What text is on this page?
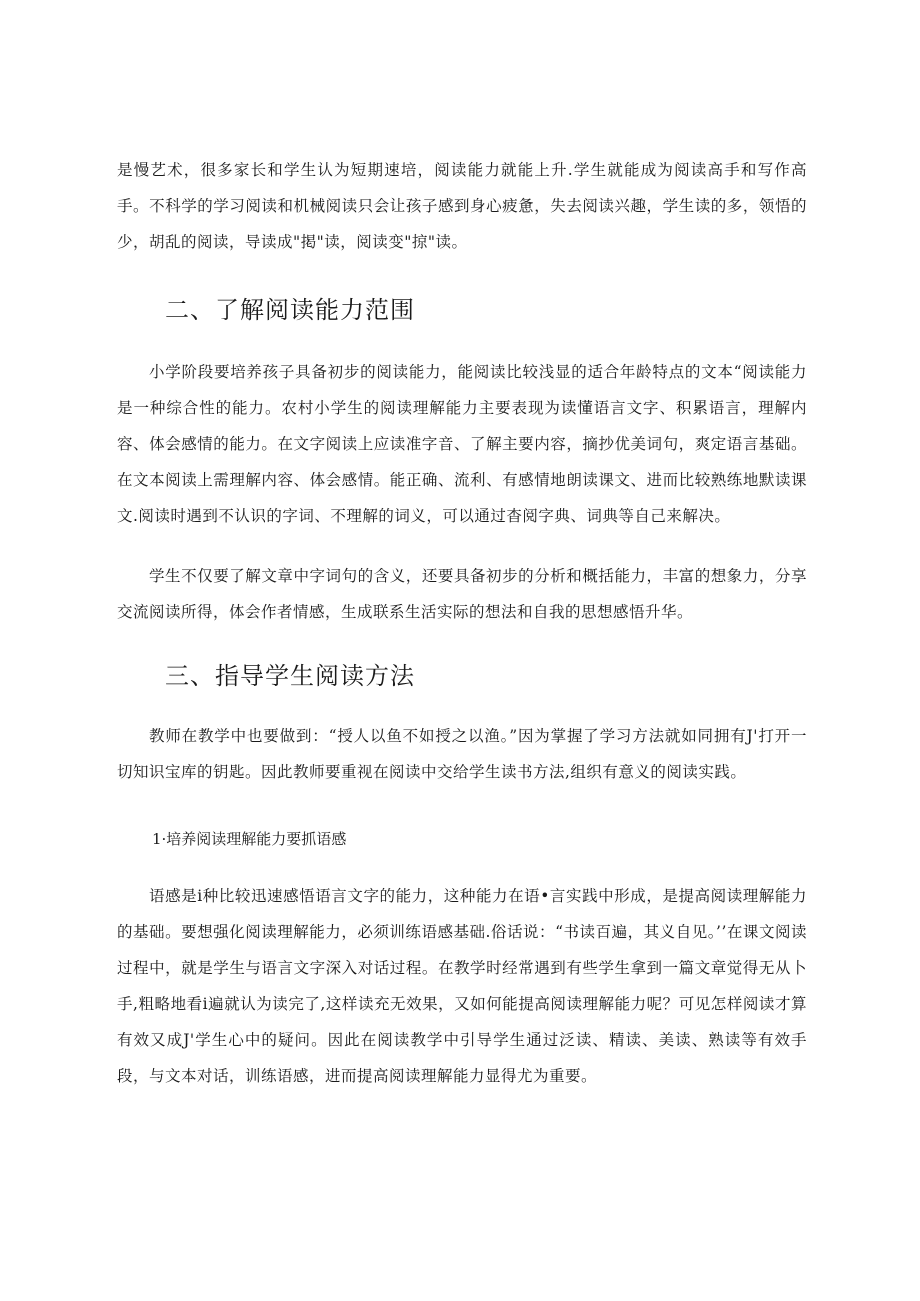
是慢艺术，很多家长和学生认为短期速培，阅读能力就能上升.学生就能成为阅读高手和写作高手。不科学的学习阅读和机械阅读只会让孩子感到身心疲惫，失去阅读兴趣，学生读的多，领悟的少，胡乱的阅读，导读成"掲"读，阅读变"掠"读。

二、了解阅读能力范围

小学阶段要培养孩子具备初步的阅读能力，能阅读比较浅显的适合年龄特点的文本“阅读能力是一种综合性的能力。农村小学生的阅读理解能力主要表现为读懂语言文字、积累语言，理解内容、体会感情的能力。在文字阅读上应读准字音、了解主要内容，摘抄优美词句，爽定语言基础。在文本阅读上需理解内容、体会感情。能正确、流利、有感情地朗读课文、进而比较熟练地默读课文.阅读时遇到不认识的字词、不理解的词义，可以通过杳阅字典、词典等自己来解决。

学生不仅要了解文章中字词句的含义，还要具备初步的分析和概括能力，丰富的想象力，分享交流阅读所得，体会作者情感，生成联系生活实际的想法和自我的思想感悟升华。

三、指导学生阅读方法

教师在教学中也要做到：“授人以鱼不如授之以渔。”因为掌握了学习方法就如同拥有J'打开一切知识宝库的钥匙。因此教师要重视在阅读中交给学生读书方法,组织有意义的阅读实践。

1·培养阅读理解能力要抓语感

语感是i种比较迅速感悟语言文字的能力，这种能力在语•言实践中形成，是提高阅读理解能力的基础。要想强化阅读理解能力，必须训练语感基础.俗话说：“书读百遍，其义自见。’’在课文阅读过程中，就是学生与语言文字深入对话过程。在教学时经常遇到有些学生拿到一篇文章觉得无从卜手,粗略地看i遍就认为读完了,这样读充无效果，又如何能提高阅读理解能力呢？可见怎样阅读才算有效又成J'学生心中的疑问。因此在阅读教学中引导学生通过泛读、精读、美读、熟读等有效手段，与文本对话，训练语感，进而提高阅读理解能力显得尤为重要。
